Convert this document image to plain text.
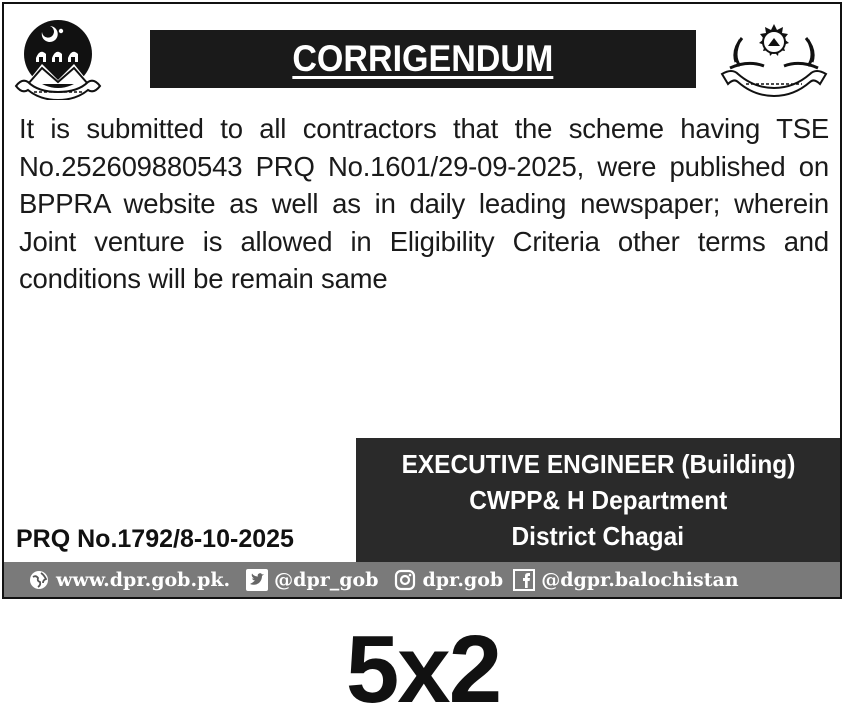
CORRIGENDUM

It is submitted to all contractors that the scheme having TSE No.252609880543 PRQ No.1601/29-09-2025, were published on BPPRA website as well as in daily leading newspaper; wherein Joint venture is allowed in Eligibility Criteria other terms and conditions will be remain same

EXECUTIVE ENGINEER (Building)
CWPP& H Department
District Chagai
PRQ No.1792/8-10-2025
www.dpr.gob.pk. @dpr_gob dpr.gob @dgpr.balochistan
5x2
